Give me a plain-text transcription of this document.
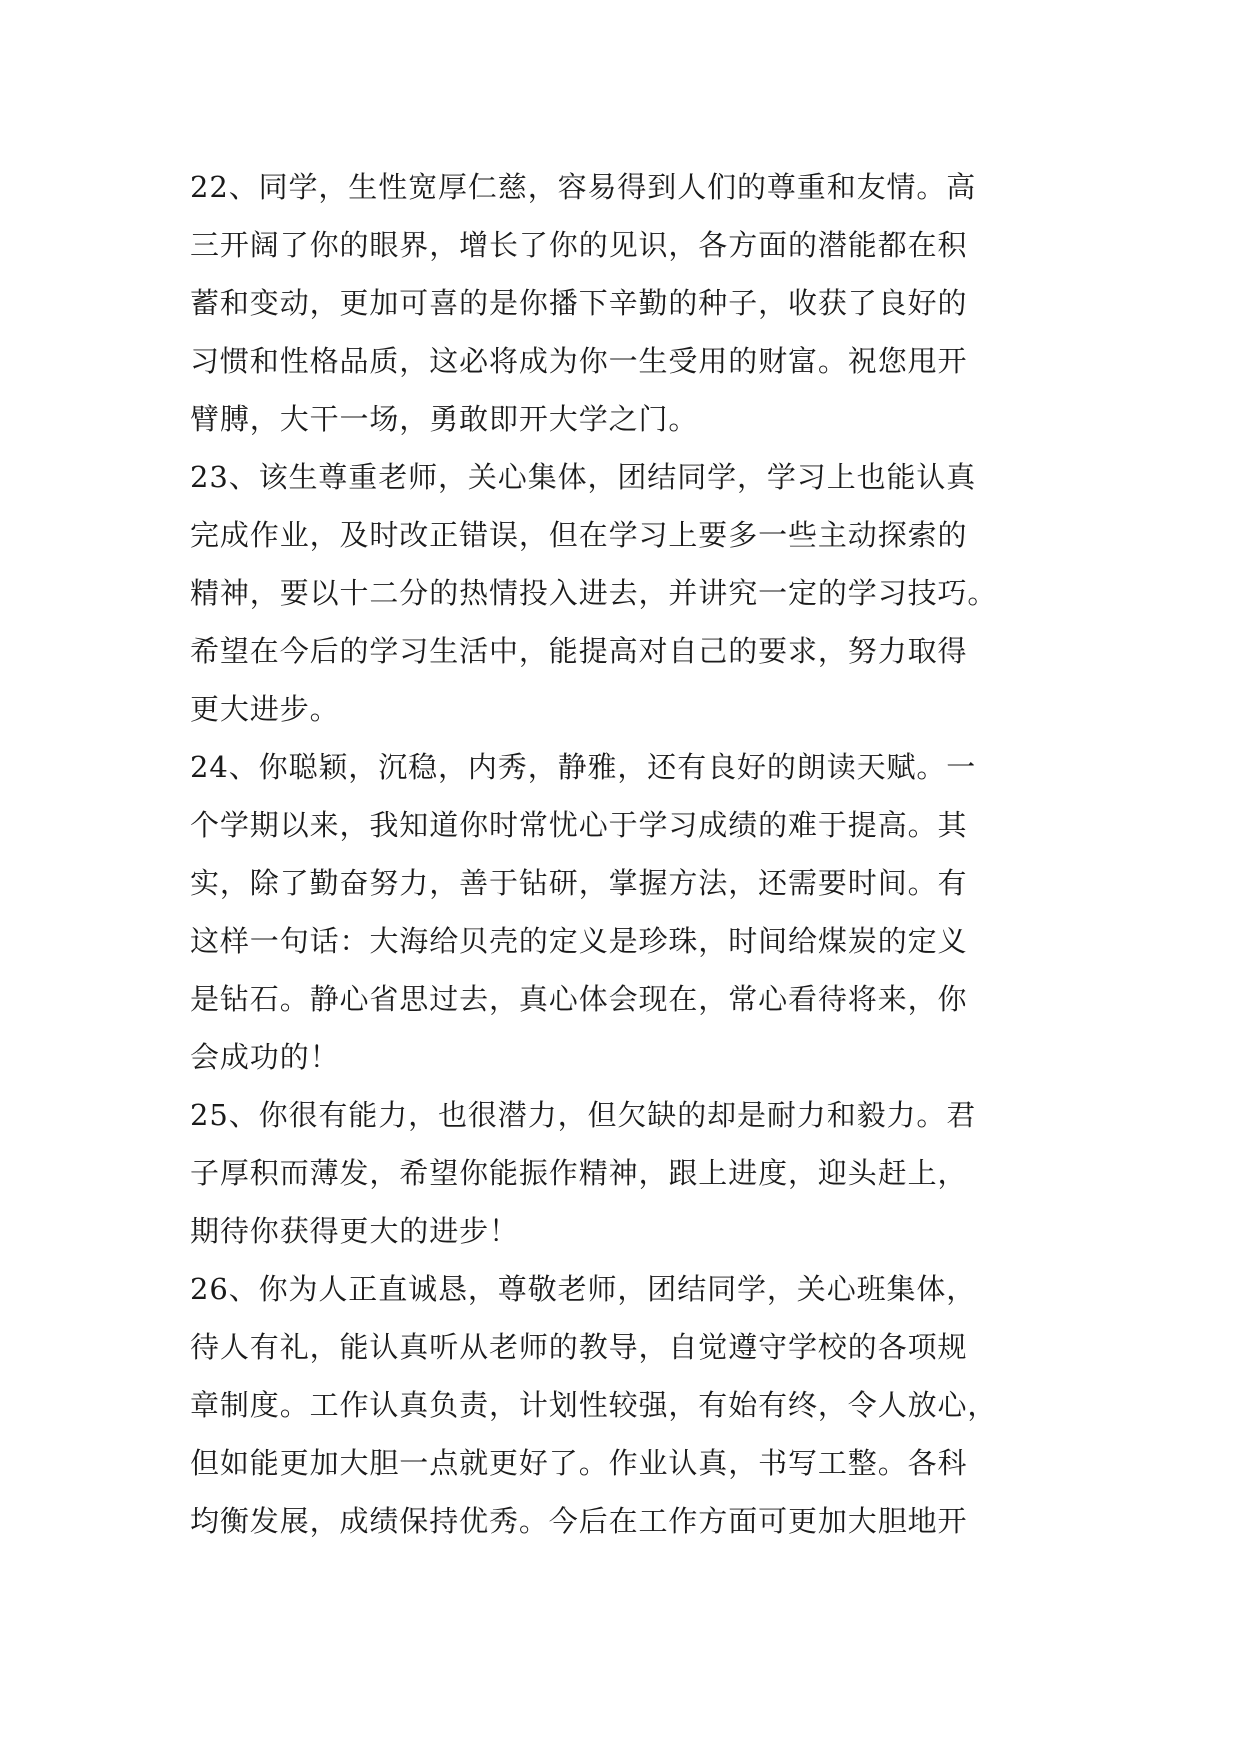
22、同学，生性宽厚仁慈，容易得到人们的尊重和友情。高
三开阔了你的眼界，增长了你的见识，各方面的潜能都在积
蓄和变动，更加可喜的是你播下辛勤的种子，收获了良好的
习惯和性格品质，这必将成为你一生受用的财富。祝您甩开
臂膊，大干一场，勇敢即开大学之门。
23、该生尊重老师，关心集体，团结同学，学习上也能认真
完成作业，及时改正错误，但在学习上要多一些主动探索的
精神，要以十二分的热情投入进去，并讲究一定的学习技巧。
希望在今后的学习生活中，能提高对自己的要求，努力取得
更大进步。
24、你聪颖，沉稳，内秀，静雅，还有良好的朗读天赋。一
个学期以来，我知道你时常忧心于学习成绩的难于提高。其
实，除了勤奋努力，善于钻研，掌握方法，还需要时间。有
这样一句话：大海给贝壳的定义是珍珠，时间给煤炭的定义
是钻石。静心省思过去，真心体会现在，常心看待将来，你
会成功的！
25、你很有能力，也很潜力，但欠缺的却是耐力和毅力。君
子厚积而薄发，希望你能振作精神，跟上进度，迎头赶上，
期待你获得更大的进步！
26、你为人正直诚恳，尊敬老师，团结同学，关心班集体，
待人有礼，能认真听从老师的教导，自觉遵守学校的各项规
章制度。工作认真负责，计划性较强，有始有终，令人放心，
但如能更加大胆一点就更好了。作业认真，书写工整。各科
均衡发展，成绩保持优秀。今后在工作方面可更加大胆地开
